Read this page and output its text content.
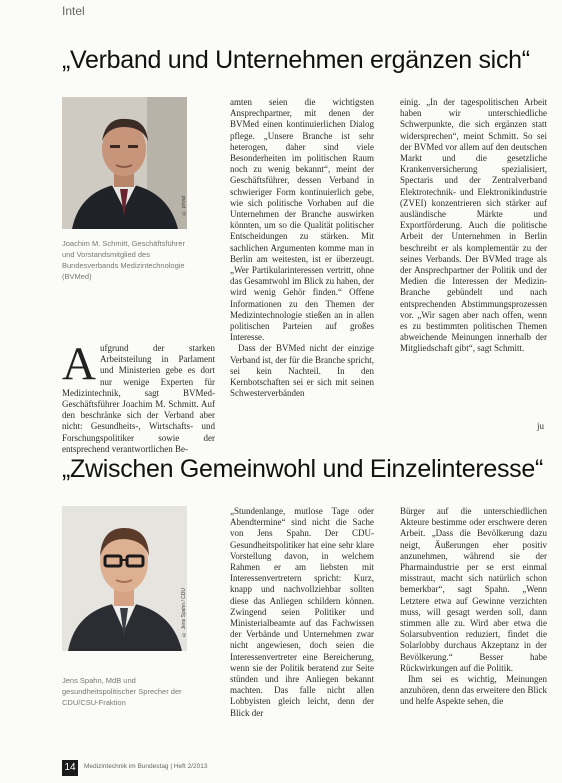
Intel
„Verband und Unternehmen ergänzen sich“
© privat
Joachim M. Schmitt, Geschäftsführer und Vorstandsmitglied des Bundesverbands Medizintechnologie (BVMed)
A ufgrund der starken Arbeitsteilung in Parlament und Ministerien gebe es dort nur wenige Experten für Medizintechnik, sagt BVMed-Geschäftsführer Joachim M. Schmitt. Auf den beschränke sich der Verband aber nicht: Gesundheits-, Wirtschafts- und Forschungspolitiker sowie der entsprechend verantwortlichen Be-

amten seien die wichtigsten Ansprechpartner, mit denen der BVMed einen kontinuierlichen Dialog pflege. „Unsere Branche ist sehr heterogen, daher sind viele Besonderheiten im politischen Raum noch zu wenig bekannt“, meint der Geschäftsführer, dessen Verband in schwieriger Form kontinuierlich gebe, wie sich politische Vorhaben auf die Unternehmen der Branche auswirken könnten, um so die Qualität politischer Entscheidungen zu stärken. Mit sachlichen Argumenten komme man in Berlin am weitesten, ist er überzeugt. „Wer Partikularinteressen vertritt, ohne das Gesamtwohl im Blick zu haben, der wird wenig Gehör finden.“ Offene Informationen zu den Themen der Medizintechnologie stießen an in allen politischen Parteien auf großes Interesse.

Dass der BVMed nicht der einzige Verband ist, der für die Branche spricht, sei kein Nachteil. In den Kernbotschaften sei er sich mit seinen Schwesterverbänden

einig. „In der tagespolitischen Arbeit haben wir unterschiedliche Schwerpunkte, die sich ergänzen statt widersprechen“, meint Schmitt. So sei der BVMed vor allem auf den deutschen Markt und die gesetzliche Krankenversicherung spezialisiert, Spectaris und der Zentralverband Elektrotechnik- und Elektronikindustrie (ZVEI) konzentrieren sich stärker auf ausländische Märkte und Exportförderung. Auch die politische Arbeit der Unternehmen in Berlin beschreibt er als komplementär zu der seines Verbands. Der BVMed trage als der Ansprechpartner der Politik und der Medien die Interessen der Medizin-Branche gebündelt und nach entsprechenden Abstimmungsprozessen vor. „Wir sagen aber nach offen, wenn es zu bestimmten politischen Themen abweichende Meinungen innerhalb der Mitgliedschaft gibt“, sagt Schmitt.

ju
„Zwischen Gemeinwohl und Einzelinteresse“
© Jens Spahn / CDU
Jens Spahn, MdB und gesundheitspolitischer Sprecher der CDU/CSU-Fraktion

„Stundenlange, mutlose Tage oder Abendtermine“ sind nicht die Sache von Jens Spahn. Der CDU-Gesundheitspolitiker hat eine sehr klare Vorstellung davon, in welchem Rahmen er am liebsten mit Interessenvertretern spricht: Kurz, knapp und nachvollziehbar sollten diese das Anliegen schildern können. Zwingend seien Politiker und Ministerialbeamte auf das Fachwissen der Verbände und Unternehmen zwar nicht angewiesen, doch seien die Interessenvertreter eine Bereicherung, wenn sie der Politik beratend zur Seite stünden und ihre Anliegen bekannt machten. Das falle nicht allen Lobbyisten gleich leicht, denn der Blick der

Bürger auf die unterschiedlichen Akteure bestimme oder erschwere deren Arbeit. „Dass die Bevölkerung dazu neigt, Äußerungen eher positiv anzunehmen, während sie der Pharmaindustrie per se erst einmal misstraut, macht sich natürlich schon bemerkbar“, sagt Spahn. „Wenn Letztere etwa auf Gewinne verzichten muss, will gesagt werden soll, dann stimmen alle zu. Wird aber etwa die Solarsubvention reduziert, findet die Solarlobby durchaus Akzeptanz in der Bevölkerung.“ Besser habe Rückwirkungen auf die Politik.

Ihm sei es wichtig, Meinungen anzuhören, denn das erweitere den Blick und helfe Aspekte sehen, die

14	Medizintechnik im Bundestag | Heft 2/2013
